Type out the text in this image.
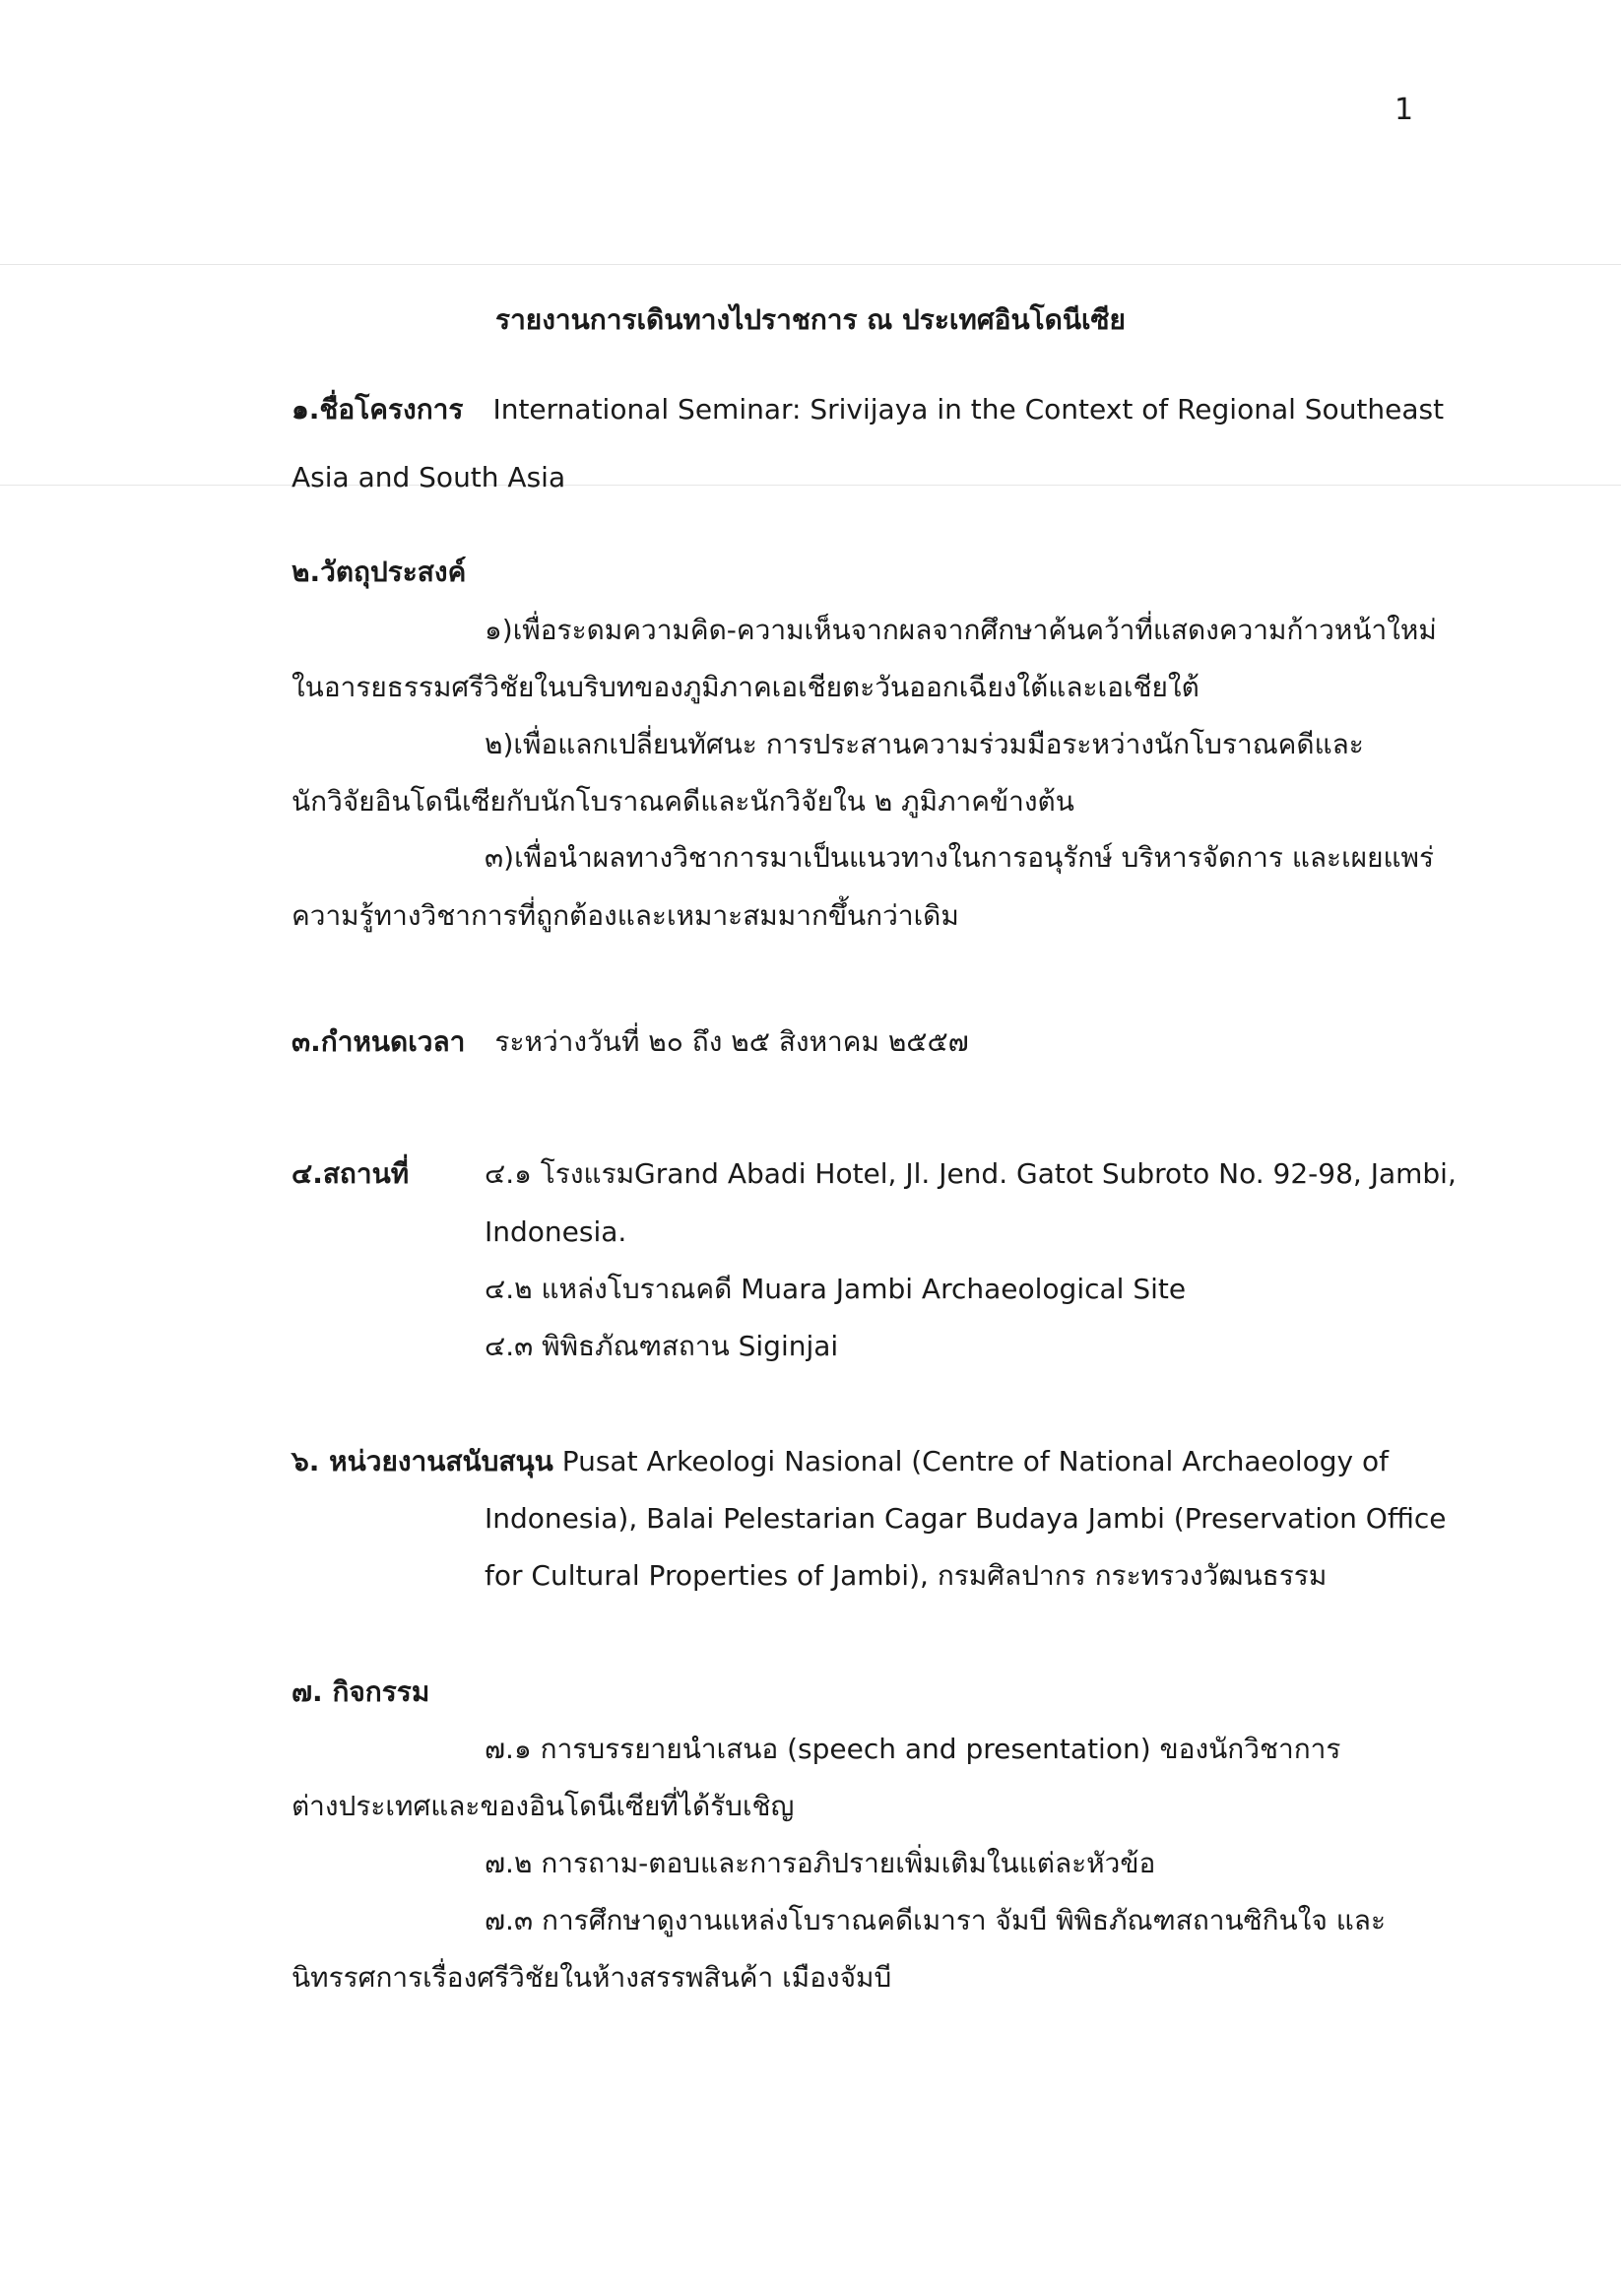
1
รายงานการเดินทางไปราชการ ณ ประเทศอินโดนีเซีย
๑.ชื่อโครงการ International Seminar: Srivijaya in the Context of Regional Southeast
Asia and South Asia
๒.วัตถุประสงค์
๑)เพื่อระดมความคิด-ความเห็นจากผลจากศึกษาค้นคว้าที่แสดงความก้าวหน้าใหม่
ในอารยธรรมศรีวิชัยในบริบทของภูมิภาคเอเชียตะวันออกเฉียงใต้และเอเชียใต้
๒)เพื่อแลกเปลี่ยนทัศนะ การประสานความร่วมมือระหว่างนักโบราณคดีและ
นักวิจัยอินโดนีเซียกับนักโบราณคดีและนักวิจัยใน ๒ ภูมิภาคข้างต้น
๓)เพื่อนำผลทางวิชาการมาเป็นแนวทางในการอนุรักษ์ บริหารจัดการ และเผยแพร่
ความรู้ทางวิชาการที่ถูกต้องและเหมาะสมมากขึ้นกว่าเดิม
๓.กำหนดเวลา ระหว่างวันที่ ๒๐ ถึง ๒๕ สิงหาคม ๒๕๕๗
๔.สถานที่	๔.๑ โรงแรมGrand Abadi Hotel, Jl. Jend. Gatot Subroto No. 92-98, Jambi,
Indonesia.
๔.๒ แหล่งโบราณคดี Muara Jambi Archaeological Site
๔.๓ พิพิธภัณฑสถาน Siginjai
๖. หน่วยงานสนับสนุน Pusat Arkeologi Nasional (Centre of National Archaeology of
Indonesia), Balai Pelestarian Cagar Budaya Jambi (Preservation Office
for Cultural Properties of Jambi), กรมศิลปากร กระทรวงวัฒนธรรม
๗. กิจกรรม
๗.๑ การบรรยายนำเสนอ (speech and presentation) ของนักวิชาการ
ต่างประเทศและของอินโดนีเซียที่ได้รับเชิญ
๗.๒ การถาม-ตอบและการอภิปรายเพิ่มเติมในแต่ละหัวข้อ
๗.๓ การศึกษาดูงานแหล่งโบราณคดีเมารา จัมบี พิพิธภัณฑสถานซิกินใจ และ
นิทรรศการเรื่องศรีวิชัยในห้างสรรพสินค้า เมืองจัมบี
